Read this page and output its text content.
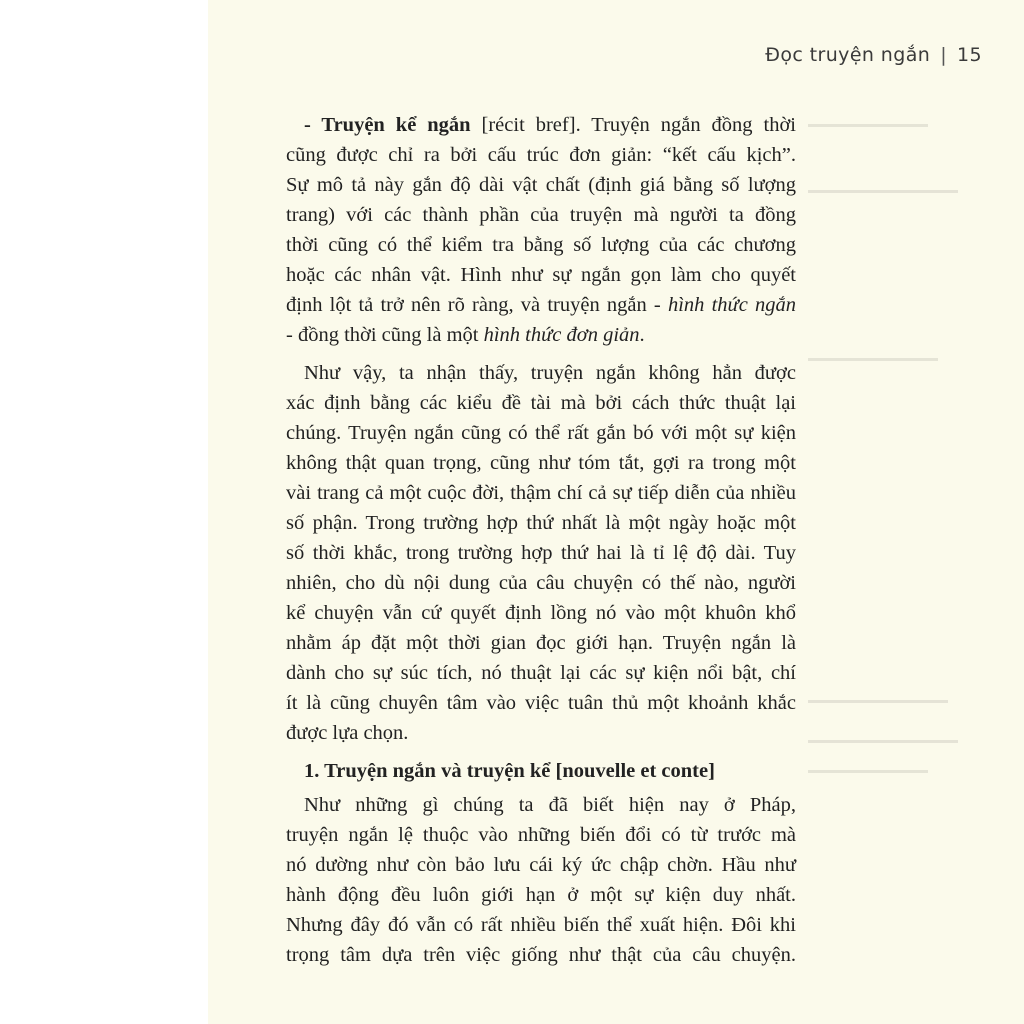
Đọc truyện ngắn | 15
- Truyện kể ngắn [récit bref]. Truyện ngắn đồng thời
cũng được chỉ ra bởi cấu trúc đơn giản: “kết cấu kịch”.
Sự mô tả này gắn độ dài vật chất (định giá bằng số lượng
trang) với các thành phần của truyện mà người ta đồng
thời cũng có thể kiểm tra bằng số lượng của các chương
hoặc các nhân vật. Hình như sự ngắn gọn làm cho quyết
định lột tả trở nên rõ ràng, và truyện ngắn - hình thức ngắn
- đồng thời cũng là một hình thức đơn giản.
Như vậy, ta nhận thấy, truyện ngắn không hẳn được
xác định bằng các kiểu đề tài mà bởi cách thức thuật lại
chúng. Truyện ngắn cũng có thể rất gắn bó với một sự kiện
không thật quan trọng, cũng như tóm tắt, gợi ra trong một
vài trang cả một cuộc đời, thậm chí cả sự tiếp diễn của nhiều
số phận. Trong trường hợp thứ nhất là một ngày hoặc một
số thời khắc, trong trường hợp thứ hai là tỉ lệ độ dài. Tuy
nhiên, cho dù nội dung của câu chuyện có thế nào, người
kể chuyện vẫn cứ quyết định lồng nó vào một khuôn khổ
nhằm áp đặt một thời gian đọc giới hạn. Truyện ngắn là
dành cho sự súc tích, nó thuật lại các sự kiện nổi bật, chí
ít là cũng chuyên tâm vào việc tuân thủ một khoảnh khắc
được lựa chọn.
1. Truyện ngắn và truyện kể [nouvelle et conte]
Như những gì chúng ta đã biết hiện nay ở Pháp,
truyện ngắn lệ thuộc vào những biến đổi có từ trước mà
nó dường như còn bảo lưu cái ký ức chập chờn. Hầu như
hành động đều luôn giới hạn ở một sự kiện duy nhất.
Nhưng đây đó vẫn có rất nhiều biến thể xuất hiện. Đôi khi
trọng tâm dựa trên việc giống như thật của câu chuyện.
